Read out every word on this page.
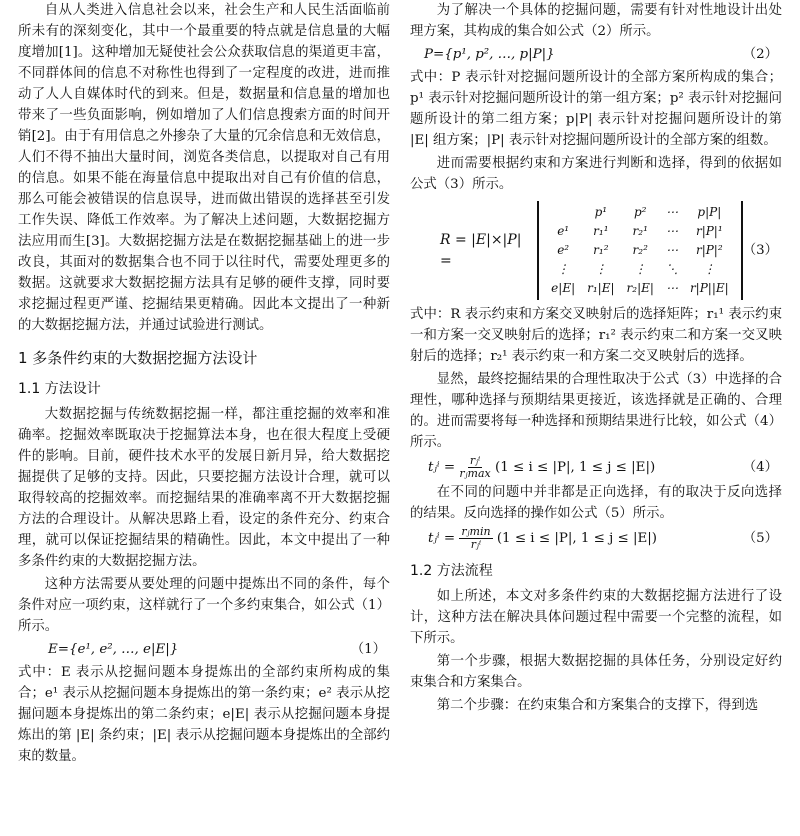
自从人类进入信息社会以来，社会生产和人民生活面临前所未有的深刻变化，其中一个最重要的特点就是信息量的大幅度增加[1]。这种增加无疑使社会公众获取信息的渠道更丰富，不同群体间的信息不对称性也得到了一定程度的改进，进而推动了人人自媒体时代的到来。但是，数据量和信息量的增加也带来了一些负面影响，例如增加了人们信息搜索方面的时间开销[2]。由于有用信息之外掺杂了大量的冗余信息和无效信息，人们不得不抽出大量时间，浏览各类信息，以提取对自己有用的信息。如果不能在海量信息中提取出对自己有价值的信息，那么可能会被错误的信息误导，进而做出错误的选择甚至引发工作失误、降低工作效率。为了解决上述问题，大数据挖掘方法应用而生[3]。大数据挖掘方法是在数据挖掘基础上的进一步改良，其面对的数据集合也不同于以往时代，需要处理更多的数据。这就要求大数据挖掘方法具有足够的硬件支撑，同时要求挖掘过程更严谨、挖掘结果更精确。因此本文提出了一种新的大数据挖掘方法，并通过试验进行测试。

1 多条件约束的大数据挖掘方法设计
1.1 方法设计

大数据挖掘与传统数据挖掘一样，都注重挖掘的效率和准确率。挖掘效率既取决于挖掘算法本身，也在很大程度上受硬件的影响。目前，硬件技术水平的发展日新月异，给大数据挖掘提供了足够的支持。因此，只要挖掘方法设计合理，就可以取得较高的挖掘效率。而挖掘结果的准确率离不开大数据挖掘方法的合理设计。从解决思路上看，设定的条件充分、约束合理，就可以保证挖掘结果的精确性。因此，本文中提出了一种多条件约束的大数据挖掘方法。

这种方法需要从要处理的问题中提炼出不同的条件，每个条件对应一项约束，这样就行了一个多约束集合，如公式（1）所示。

E={e¹, e², …, e|E|}	（1）

式中：E 表示从挖掘问题本身提炼出的全部约束所构成的集合；e¹ 表示从挖掘问题本身提炼出的第一条约束；e² 表示从挖掘问题本身提炼出的第二条约束；e|E| 表示从挖掘问题本身提炼出的第 |E| 条约束；|E| 表示从挖掘问题本身提炼出的全部约束的数量。

为了解决一个具体的挖掘问题，需要有针对性地设计出处理方案，其构成的集合如公式（2）所示。

P={p¹, p², …, p|P|}	（2）

式中：P 表示针对挖掘问题所设计的全部方案所构成的集合；p¹ 表示针对挖掘问题所设计的第一组方案；p² 表示针对挖掘问题所设计的第二组方案；p|P| 表示针对挖掘问题所设计的第 |E| 组方案；|P| 表示针对挖掘问题所设计的全部方案的组数。

进而需要根据约束和方案进行判断和选择，得到的依据如公式（3）所示。

R = |E|×|P| =
	p¹	p²	⋯	p|P|
e¹	r₁¹	r₂¹	⋯	r|P|¹
e²	r₁²	r₂²	⋯	r|P|²
⋮	⋮	⋮	⋱	⋮
e|E|	r₁|E|	r₂|E|	⋯	r|P||E|
（3）

式中：R 表示约束和方案交叉映射后的选择矩阵；r₁¹ 表示约束一和方案一交叉映射后的选择；r₁² 表示约束二和方案一交叉映射后的选择；r₂¹ 表示约束一和方案二交叉映射后的选择。

显然，最终挖掘结果的合理性取决于公式（3）中选择的合理性，哪种选择与预期结果更接近，该选择就是正确的、合理的。进而需要将每一种选择和预期结果进行比较，如公式（4）所示。

tⱼⁱ = $\frac{\text{rⱼⁱ}}{\text{rⱼmax}} (1 \le i \le |P|$, 1 ≤ j ≤ |E|)	（4）

在不同的问题中并非都是正向选择，有的取决于反向选择的结果。反向选择的操作如公式（5）所示。

tⱼⁱ = $\frac{\text{rⱼmin}}{\text{rⱼⁱ}} (1 \le i \le |P|$, 1 ≤ j ≤ |E|)	（5）
1.2 方法流程

如上所述，本文对多条件约束的大数据挖掘方法进行了设计，这种方法在解决具体问题过程中需要一个完整的流程，如下所示。

第一个步骤，根据大数据挖掘的具体任务，分别设定好约束集合和方案集合。

第二个步骤：在约束集合和方案集合的支撑下，得到选
